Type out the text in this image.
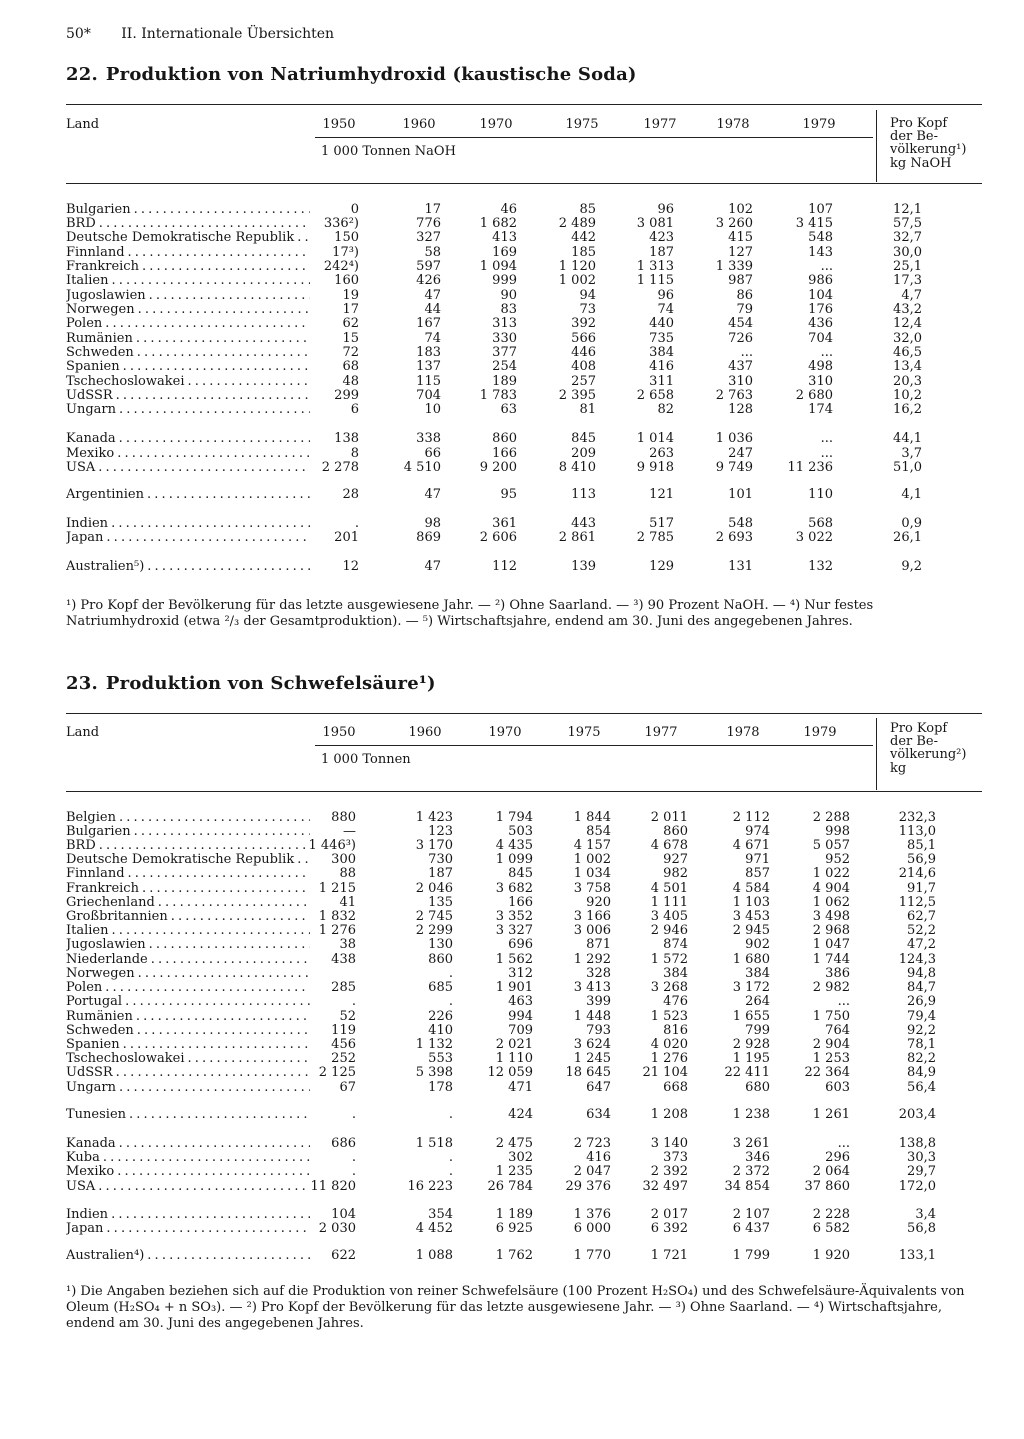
50* II. Internationale Übersichten
22. Produktion von Natriumhydroxid (kaustische Soda)
Land	1950	1960	1970	1975	1977	1978	1979
1 000 Tonnen NaOH
Pro Kopf
der Be-
völkerung¹)
kg NaOH
Bulgarien . . .	0	17	46	85	96	102	107	12,1
BRD . . .	336²)	776	1 682	2 489	3 081	3 260	3 415	57,5
Deutsche Demokratische Republik . . .	150	327	413	442	423	415	548	32,7
Finnland . . .	17³)	58	169	185	187	127	143	30,0
Frankreich . . .	242⁴)	597	1 094	1 120	1 313	1 339	...	25,1
Italien . . .	160	426	999	1 002	1 115	987	986	17,3
Jugoslawien . . .	19	47	90	94	96	86	104	4,7
Norwegen . . .	17	44	83	73	74	79	176	43,2
Polen . . .	62	167	313	392	440	454	436	12,4
Rumänien . . .	15	74	330	566	735	726	704	32,0
Schweden . . .	72	183	377	446	384	...	...	46,5
Spanien . . .	68	137	254	408	416	437	498	13,4
Tschechoslowakei . . .	48	115	189	257	311	310	310	20,3
UdSSR . . .	299	704	1 783	2 395	2 658	2 763	2 680	10,2
Ungarn . . .	6	10	63	81	82	128	174	16,2
Kanada . . .	138	338	860	845	1 014	1 036	...	44,1
Mexiko . . .	8	66	166	209	263	247	...	3,7
USA . . .	2 278	4 510	9 200	8 410	9 918	9 749	11 236	51,0
Argentinien . . .	28	47	95	113	121	101	110	4,1
Indien . . .	.	98	361	443	517	548	568	0,9
Japan . . .	201	869	2 606	2 861	2 785	2 693	3 022	26,1
Australien⁵) . . .	12	47	112	139	129	131	132	9,2
¹) Pro Kopf der Bevölkerung für das letzte ausgewiesene Jahr. — ²) Ohne Saarland. — ³) 90 Prozent NaOH. — ⁴) Nur festes Natriumhydroxid (etwa ²/₃ der Gesamtproduktion). — ⁵) Wirtschaftsjahre, endend am 30. Juni des angegebenen Jahres.
23. Produktion von Schwefelsäure¹)
Land	1950	1960	1970	1975	1977	1978	1979
1 000 Tonnen
Pro Kopf
der Be-
völkerung²)
kg
Belgien . . .	880	1 423	1 794	1 844	2 011	2 112	2 288	232,3
Bulgarien . . .	—	123	503	854	860	974	998	113,0
BRD . . .	1 446³)	3 170	4 435	4 157	4 678	4 671	5 057	85,1
Deutsche Demokratische Republik . . .	300	730	1 099	1 002	927	971	952	56,9
Finnland . . .	88	187	845	1 034	982	857	1 022	214,6
Frankreich . . .	1 215	2 046	3 682	3 758	4 501	4 584	4 904	91,7
Griechenland . . .	41	135	166	920	1 111	1 103	1 062	112,5
Großbritannien . . .	1 832	2 745	3 352	3 166	3 405	3 453	3 498	62,7
Italien . . .	1 276	2 299	3 327	3 006	2 946	2 945	2 968	52,2
Jugoslawien . . .	38	130	696	871	874	902	1 047	47,2
Niederlande . . .	438	860	1 562	1 292	1 572	1 680	1 744	124,3
Norwegen . . .	.	312	328	384	384	386	94,8
Polen . . .	285	685	1 901	3 413	3 268	3 172	2 982	84,7
Portugal . . .	.	.	463	399	476	264	...	26,9
Rumänien . . .	52	226	994	1 448	1 523	1 655	1 750	79,4
Schweden . . .	119	410	709	793	816	799	764	92,2
Spanien . . .	456	1 132	2 021	3 624	4 020	2 928	2 904	78,1
Tschechoslowakei . . .	252	553	1 110	1 245	1 276	1 195	1 253	82,2
UdSSR . . .	2 125	5 398	12 059	18 645	21 104	22 411	22 364	84,9
Ungarn . . .	67	178	471	647	668	680	603	56,4
Tunesien . . .	.	.	424	634	1 208	1 238	1 261	203,4
Kanada . . .	686	1 518	2 475	2 723	3 140	3 261	...	138,8
Kuba . . .	.	.	302	416	373	346	296	30,3
Mexiko . . .	.	.	1 235	2 047	2 392	2 372	2 064	29,7
USA . . .	11 820	16 223	26 784	29 376	32 497	34 854	37 860	172,0
Indien . . .	104	354	1 189	1 376	2 017	2 107	2 228	3,4
Japan . . .	2 030	4 452	6 925	6 000	6 392	6 437	6 582	56,8
Australien⁴) . . .	622	1 088	1 762	1 770	1 721	1 799	1 920	133,1
¹) Die Angaben beziehen sich auf die Produktion von reiner Schwefelsäure (100 Prozent H₂SO₄) und des Schwefelsäure-Äquivalents von Oleum (H₂SO₄ + n SO₃). — ²) Pro Kopf der Bevölkerung für das letzte ausgewiesene Jahr. — ³) Ohne Saarland. — ⁴) Wirtschaftsjahre, endend am 30. Juni des angegebenen Jahres.
